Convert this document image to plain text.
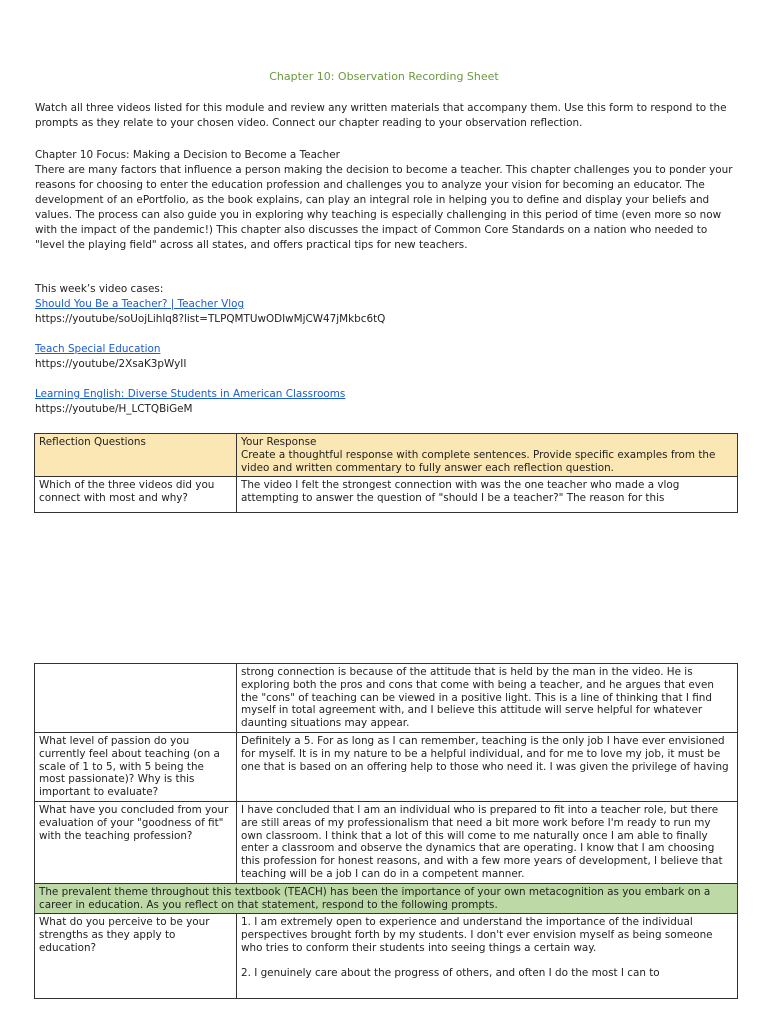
Chapter 10: Observation Recording Sheet
Watch all three videos listed for this module and review any written materials that accompany them. Use this form to respond to the prompts as they relate to your chosen video. Connect our chapter reading to your observation reflection.
Chapter 10 Focus: Making a Decision to Become a Teacher
There are many factors that influence a person making the decision to become a teacher. This chapter challenges you to ponder your reasons for choosing to enter the education profession and challenges you to analyze your vision for becoming an educator. The development of an ePortfolio, as the book explains, can play an integral role in helping you to define and display your beliefs and values. The process can also guide you in exploring why teaching is especially challenging in this period of time (even more so now with the impact of the pandemic!) This chapter also discusses the impact of Common Core Standards on a nation who needed to "level the playing field" across all states, and offers practical tips for new teachers.
This week’s video cases:
Should You Be a Teacher? | Teacher Vlog
https://youtube/soUojLihlq8?list=TLPQMTUwODIwMjCW47jMkbc6tQ
Teach Special Education
https://youtube/2XsaK3pWyII
Learning English: Diverse Students in American Classrooms
https://youtube/H_LCTQBiGeM
Reflection Questions	Your Response
Create a thoughtful response with complete sentences. Provide specific examples from the video and written commentary to fully answer each reflection question.

Which of the three videos did you connect with most and why?	The video I felt the strongest connection with was the one teacher who made a vlog attempting to answer the question of "should I be a teacher?" The reason for this
	strong connection is because of the attitude that is held by the man in the video. He is exploring both the pros and cons that come with being a teacher, and he argues that even the "cons" of teaching can be viewed in a positive light. This is a line of thinking that I find myself in total agreement with, and I believe this attitude will serve helpful for whatever daunting situations may appear.
What level of passion do you currently feel about teaching (on a scale of 1 to 5, with 5 being the most passionate)? Why is this important to evaluate?	Definitely a 5. For as long as I can remember, teaching is the only job I have ever envisioned for myself. It is in my nature to be a helpful individual, and for me to love my job, it must be one that is based on an offering help to those who need it. I was given the privilege of having
What have you concluded from your evaluation of your "goodness of fit" with the teaching profession?	I have concluded that I am an individual who is prepared to fit into a teacher role, but there are still areas of my professionalism that need a bit more work before I'm ready to run my own classroom. I think that a lot of this will come to me naturally once I am able to finally enter a classroom and observe the dynamics that are operating. I know that I am choosing this profession for honest reasons, and with a few more years of development, I believe that teaching will be a job I can do in a competent manner.
The prevalent theme throughout this textbook (TEACH) has been the importance of your own metacognition as you embark on a career in education. As you reflect on that statement, respond to the following prompts.	
What do you perceive to be your strengths as they apply to education?	1. I am extremely open to experience and understand the importance of the individual perspectives brought forth by my students. I don't ever envision myself as being someone who tries to conform their students into seeing things a certain way.

2. I genuinely care about the progress of others, and often I do the most I can to
